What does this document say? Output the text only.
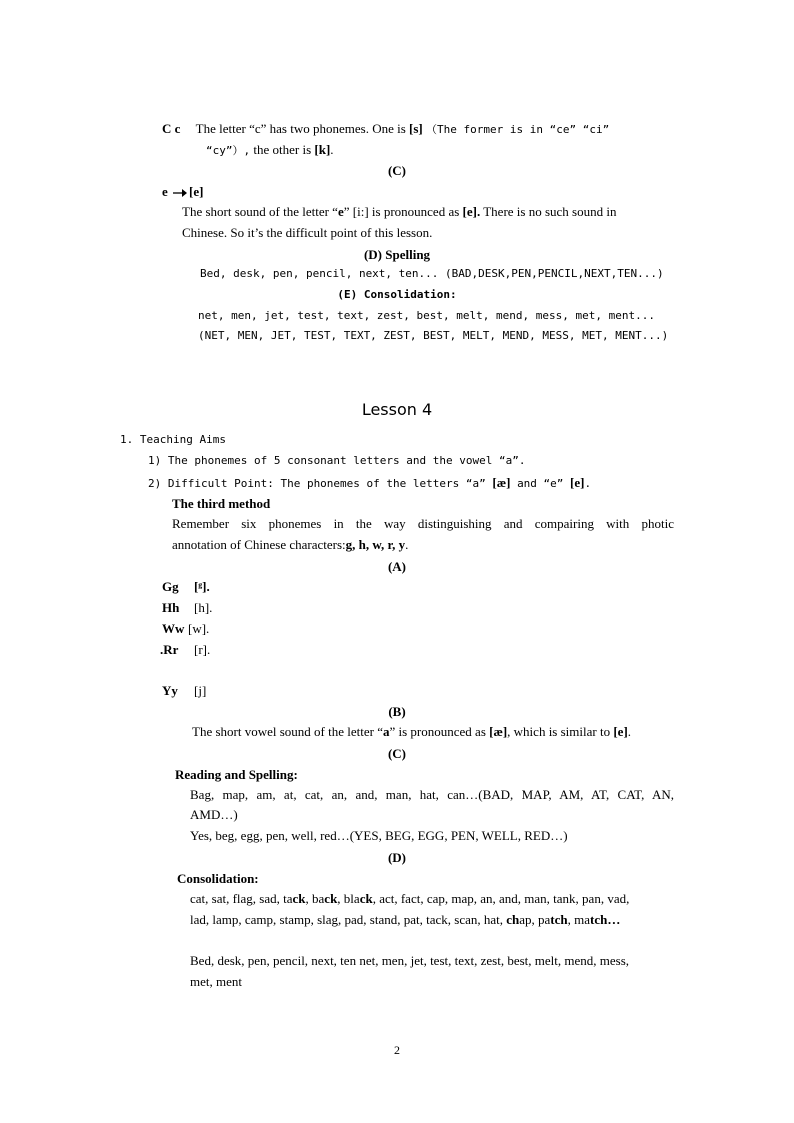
C c The letter “c” has two phonemes. One is [s] （The former is in “ce” “ci”
“cy”）, the other is [k].
(C)
e [e]
The short sound of the letter “e” [i:] is pronounced as [e]. There is no such sound in
Chinese. So it’s the difficult point of this lesson.
(D) Spelling
Bed, desk, pen, pencil, next, ten... (BAD,DESK,PEN,PENCIL,NEXT,TEN...)
(E) Consolidation:
net, men, jet, test, text, zest, best, melt, mend, mess, met, ment...
(NET, MEN, JET, TEST, TEXT, ZEST, BEST, MELT, MEND, MESS, MET, MENT...)
Lesson 4
1. Teaching Aims
1) The phonemes of 5 consonant letters and the vowel “a”.
2) Difficult Point: The phonemes of the letters “a” [æ] and “e” [e].
The third method
Remember six phonemes in the way distinguishing and compairing with photic
annotation of Chinese characters:g, h, w, r, y.
(A)
Gg [ᵍ].
Hh [h].
Ww [w].
.Rr [r].
Yy [j]
(B)
The short vowel sound of the letter “a” is pronounced as [æ], which is similar to [e].
(C)
Reading and Spelling:
Bag, map, am, at, cat, an, and, man, hat, can…(BAD, MAP, AM, AT, CAT, AN,
AMD…)
Yes, beg, egg, pen, well, red…(YES, BEG, EGG, PEN, WELL, RED…)
(D)
Consolidation:
cat, sat, flag, sad, tack, back, black, act, fact, cap, map, an, and, man, tank, pan, vad,
lad, lamp, camp, stamp, slag, pad, stand, pat, tack, scan, hat, chap, patch, match…
Bed, desk, pen, pencil, next, ten net, men, jet, test, text, zest, best, melt, mend, mess,
met, ment
2
